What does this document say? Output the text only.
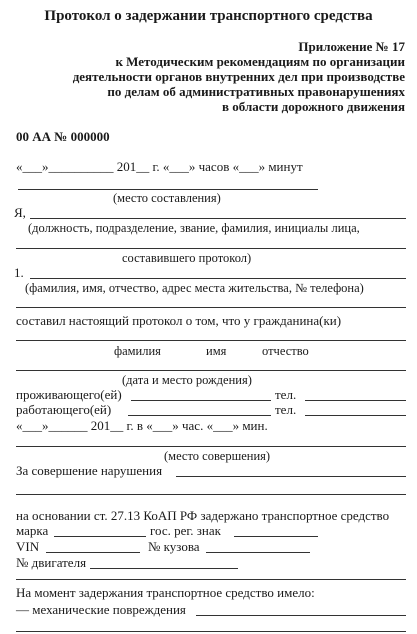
Протокол о задержании транспортного средства
Приложение № 17
к Методическим рекомендациям по организации
деятельности органов внутренних дел при производстве
по делам об административных правонарушениях
в области дорожного движения
00 АА № 000000
«___»__________ 201__ г. «___» часов «___» минут
(место составления)
Я,
(должность, подразделение, звание, фамилия, инициалы лица,
составившего протокол)
1.
(фамилия, имя, отчество, адрес места жительства, № телефона)
составил настоящий протокол о том, что у гражданина(ки)
фамилия	имя	отчество
(дата и место рождения)
проживающего(ей)	тел.
работающего(ей)	тел.
«___»______ 201__ г. в «___» час. «___» мин.
(место совершения)
За совершение нарушения
на основании ст. 27.13 КоАП РФ задержано транспортное средство
марка	гос. рег. знак
VIN	№ кузова
№ двигателя
На момент задержания транспортное средство имело:
— механические повреждения
